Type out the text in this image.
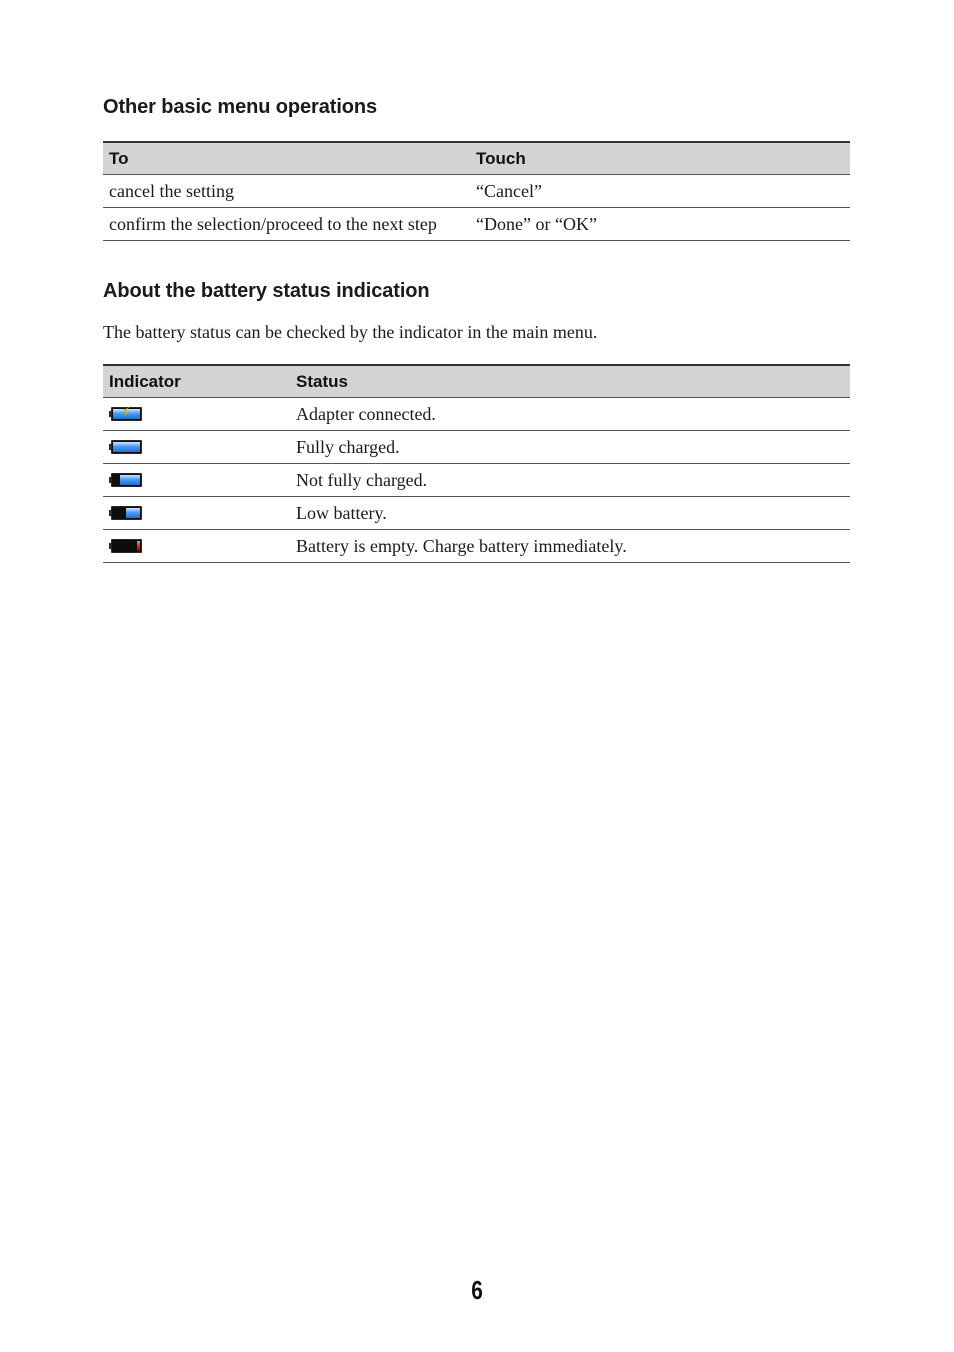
Other basic menu operations
To	Touch
cancel the setting	“Cancel”
confirm the selection/proceed to the next step	“Done” or “OK”
About the battery status indication

The battery status can be checked by the indicator in the main menu.

Indicator	Status

⚡	Adapter connected.

	Fully charged.

	Not fully charged.

	Low battery.

	Battery is empty. Charge battery immediately.
6
